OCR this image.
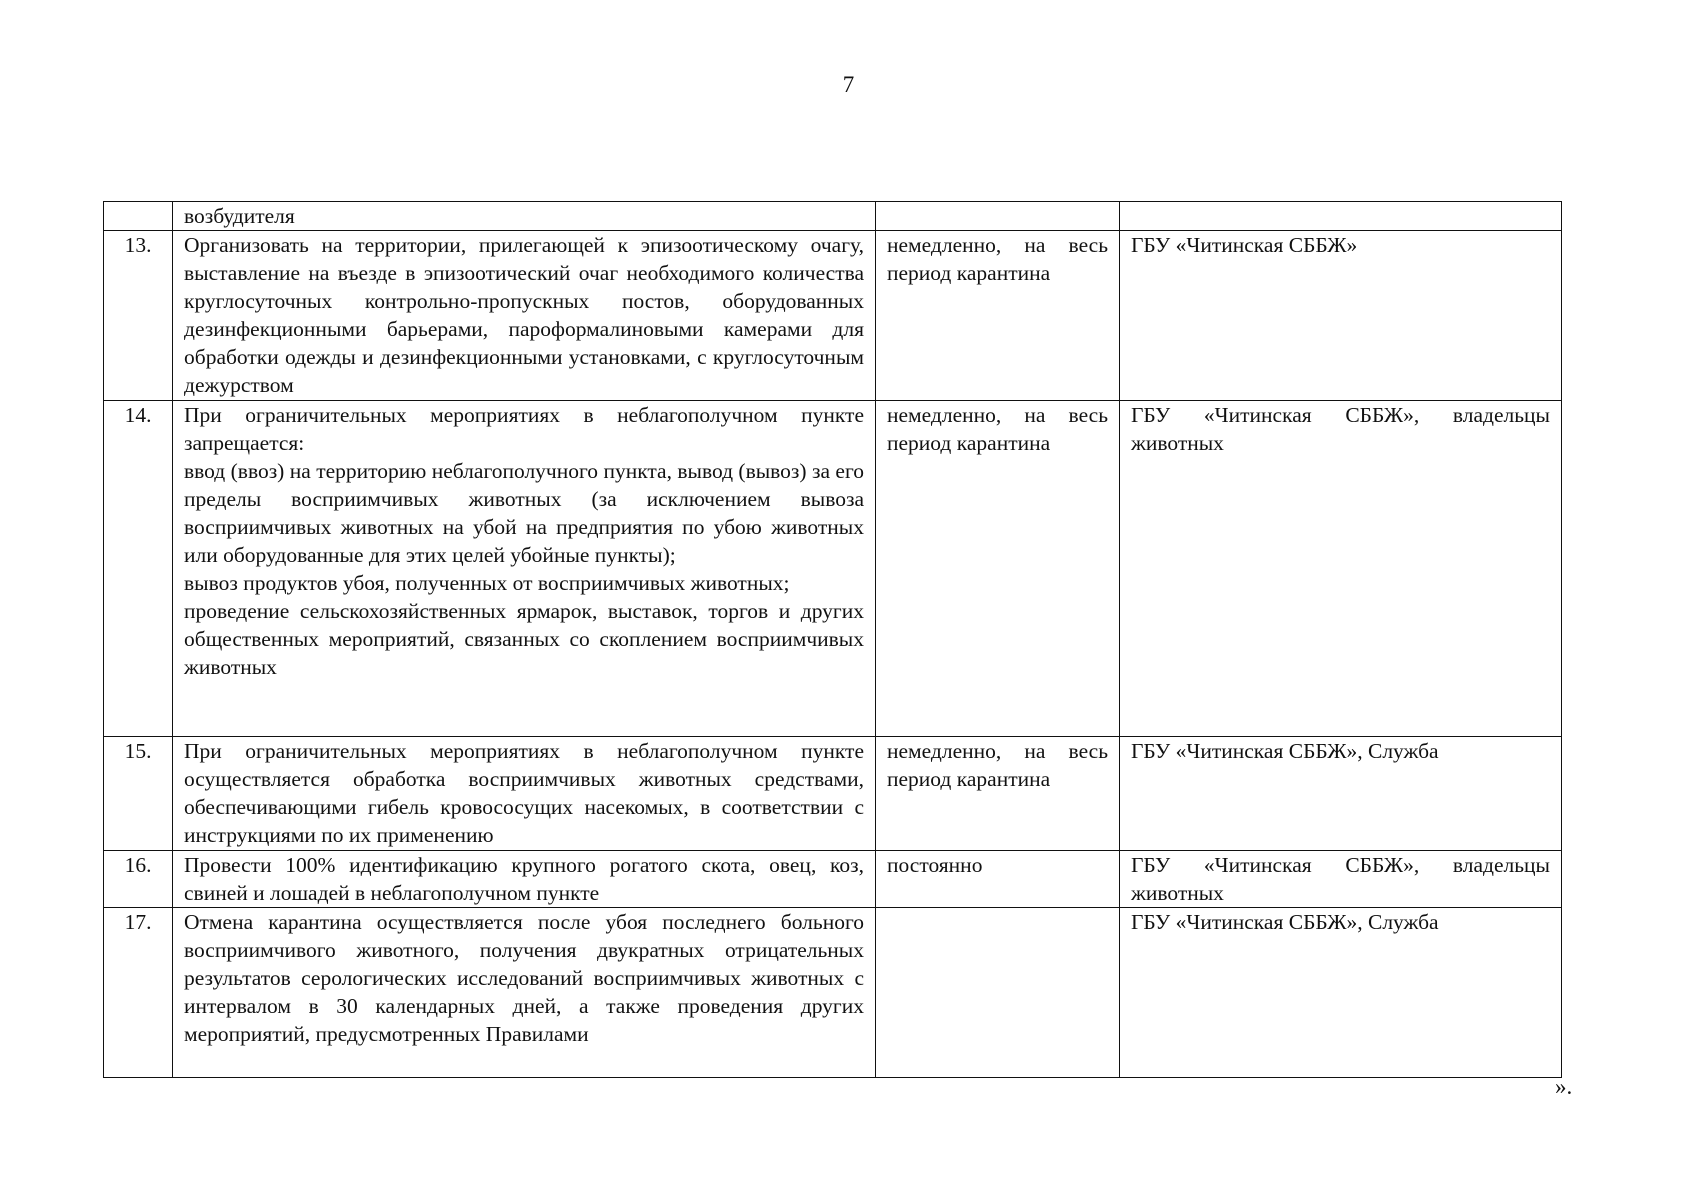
7

	возбудителя		

13.	Организовать на территории, прилегающей к эпизоотическому очагу, выставление на въезде в эпизоотический очаг необходимого количества круглосуточных контрольно-пропускных постов, оборудованных дезинфекционными барьерами, пароформалиновыми камерами для обработки одежды и дезинфекционными установками, с круглосуточным дежурством	немедленно, на весь период карантина	ГБУ «Читинская СББЖ»

14.	При ограничительных мероприятиях в неблагополучном пункте запрещается:
ввод (ввоз) на территорию неблагополучного пункта, вывод (вывоз) за его пределы восприимчивых животных (за исключением вывоза восприимчивых животных на убой на предприятия по убою животных или оборудованные для этих целей убойные пункты);
вывоз продуктов убоя, полученных от восприимчивых животных;
проведение сельскохозяйственных ярмарок, выставок, торгов и других общественных мероприятий, связанных со скоплением восприимчивых животных	немедленно, на весь период карантина	ГБУ «Читинская СББЖ», владельцы животных

15.	При ограничительных мероприятиях в неблагополучном пункте осуществляется обработка восприимчивых животных средствами, обеспечивающими гибель кровососущих насекомых, в соответствии с инструкциями по их применению	немедленно, на весь период карантина	ГБУ «Читинская СББЖ», Служба

16.	Провести 100% идентификацию крупного рогатого скота, овец, коз, свиней и лошадей в неблагополучном пункте	постоянно	ГБУ «Читинская СББЖ», владельцы животных

17.	Отмена карантина осуществляется после убоя последнего больного восприимчивого животного, получения двукратных отрицательных результатов серологических исследований восприимчивых животных с интервалом в 30 календарных дней, а также проведения других мероприятий, предусмотренных Правилами		ГБУ «Читинская СББЖ», Служба
».
